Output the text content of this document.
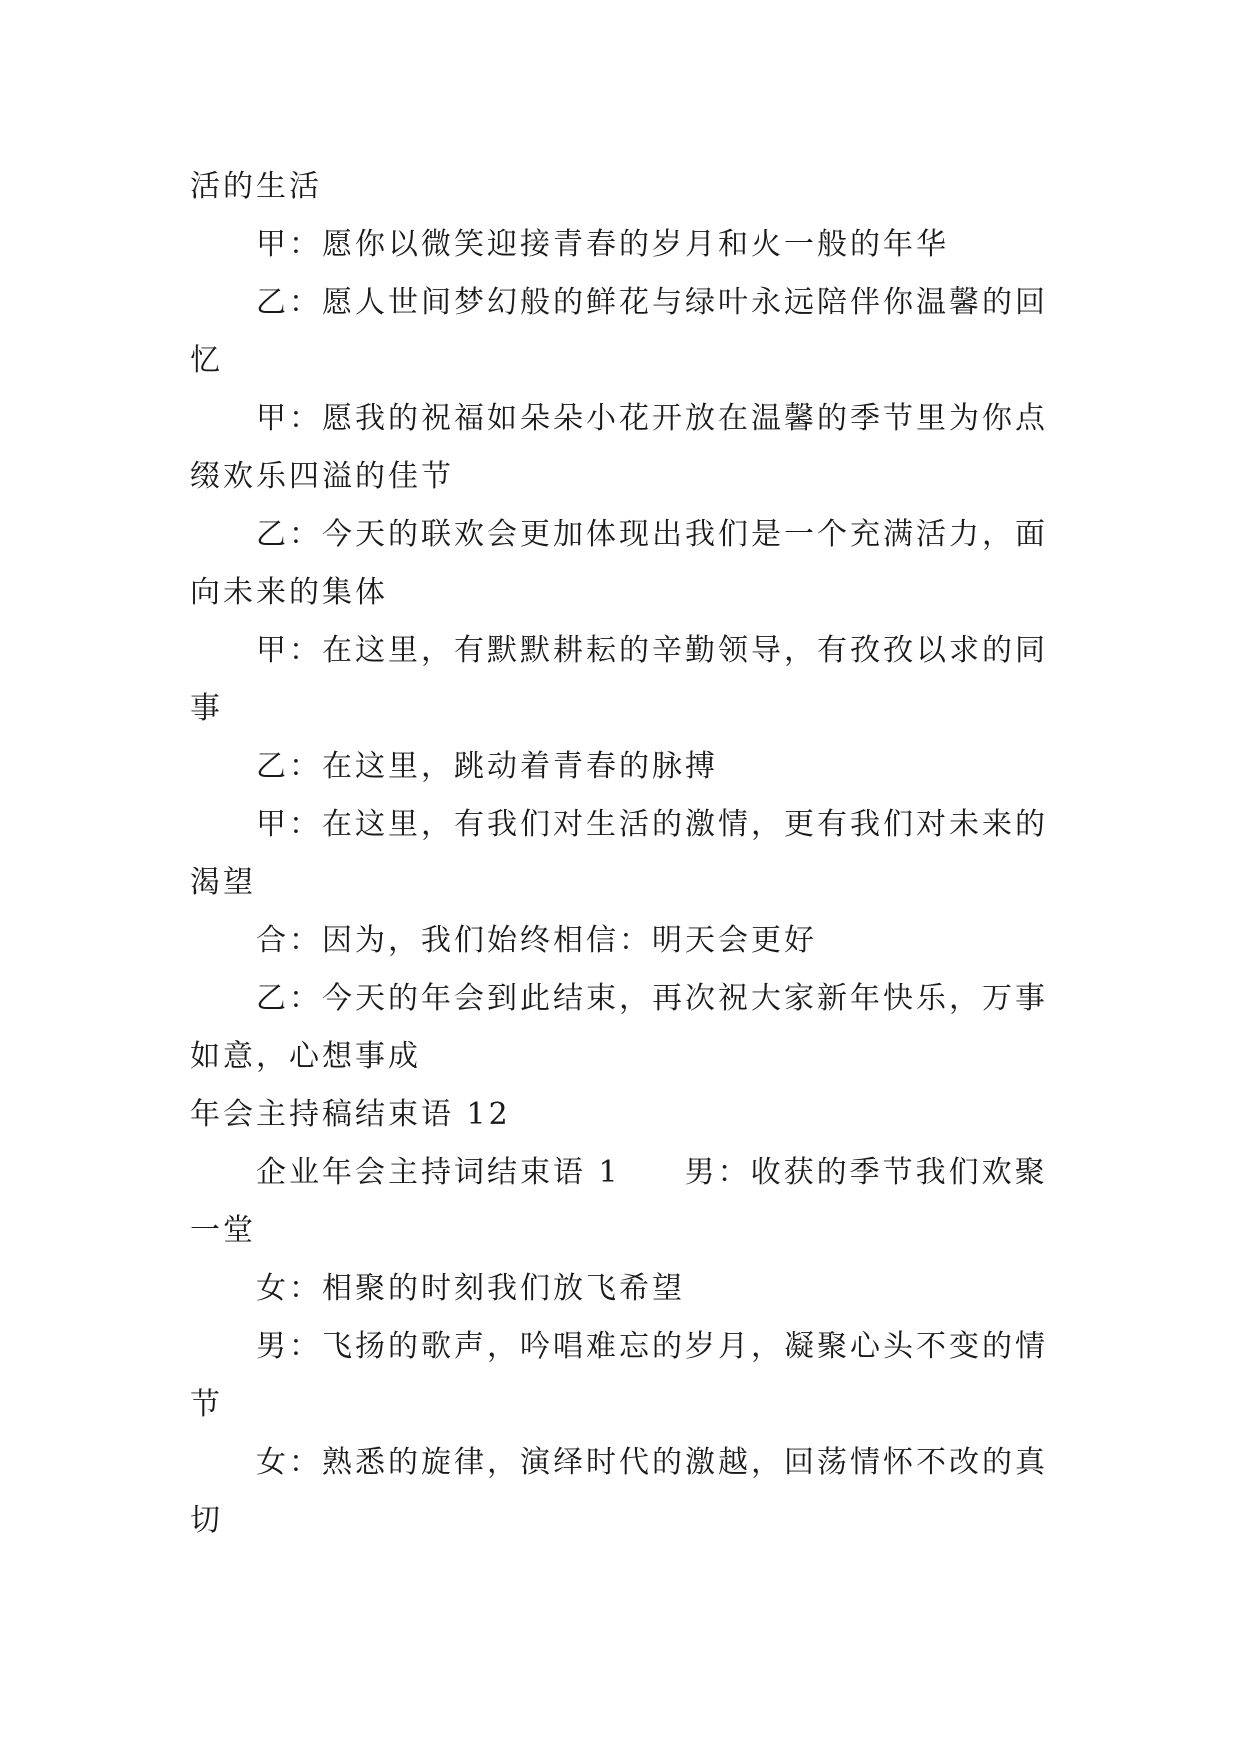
活的生活
甲：愿你以微笑迎接青春的岁月和火一般的年华
乙：愿人世间梦幻般的鲜花与绿叶永远陪伴你温馨的回
忆
甲：愿我的祝福如朵朵小花开放在温馨的季节里为你点
缀欢乐四溢的佳节
乙：今天的联欢会更加体现出我们是一个充满活力，面
向未来的集体
甲：在这里，有默默耕耘的辛勤领导，有孜孜以求的同
事
乙：在这里，跳动着青春的脉搏
甲：在这里，有我们对生活的激情，更有我们对未来的
渴望
合：因为，我们始终相信：明天会更好
乙：今天的年会到此结束，再次祝大家新年快乐，万事
如意，心想事成
年会主持稿结束语 12
企业年会主持词结束语 1 男：收获的季节我们欢聚
一堂
女：相聚的时刻我们放飞希望
男：飞扬的歌声，吟唱难忘的岁月，凝聚心头不变的情
节
女：熟悉的旋律，演绎时代的激越，回荡情怀不改的真
切
